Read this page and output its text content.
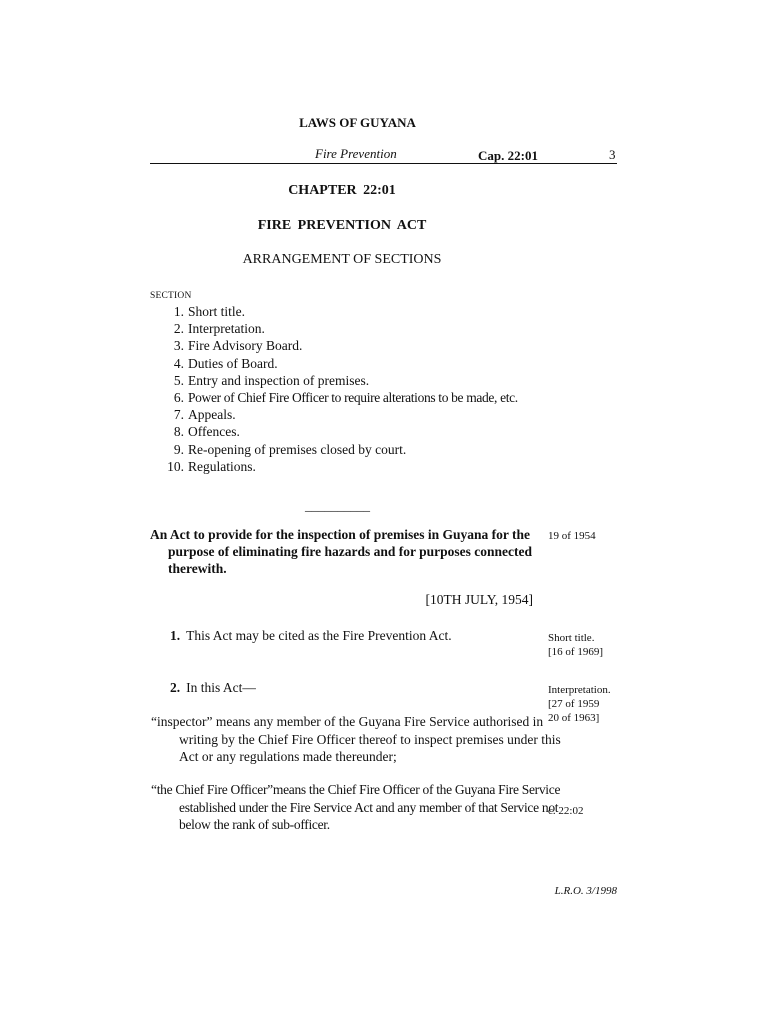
LAWS OF GUYANA
Fire Prevention	Cap. 22:01	3
CHAPTER 22:01
FIRE PREVENTION ACT
ARRANGEMENT OF SECTIONS
SECTION
1. Short title.
2. Interpretation.
3. Fire Advisory Board.
4. Duties of Board.
5. Entry and inspection of premises.
6. Power of Chief Fire Officer to require alterations to be made, etc.
7. Appeals.
8. Offences.
9. Re-opening of premises closed by court.
10. Regulations.
__________
An Act to provide for the inspection of premises in Guyana for the purpose of eliminating fire hazards and for purposes connected therewith.
19 of 1954
[10TH JULY, 1954]
1. This Act may be cited as the Fire Prevention Act.	Short title.
[16 of 1969]
2. In this Act—	Interpretation.
[27 of 1959
20 of 1963]
“inspector” means any member of the Guyana Fire Service authorised in writing by the Chief Fire Officer thereof to inspect premises under this Act or any regulations made thereunder;
“the Chief Fire Officer”means the Chief Fire Officer of the Guyana Fire Service established under the Fire Service Act and any member of that Service not below the rank of sub-officer.
c. 22:02
L.R.O. 3/1998
